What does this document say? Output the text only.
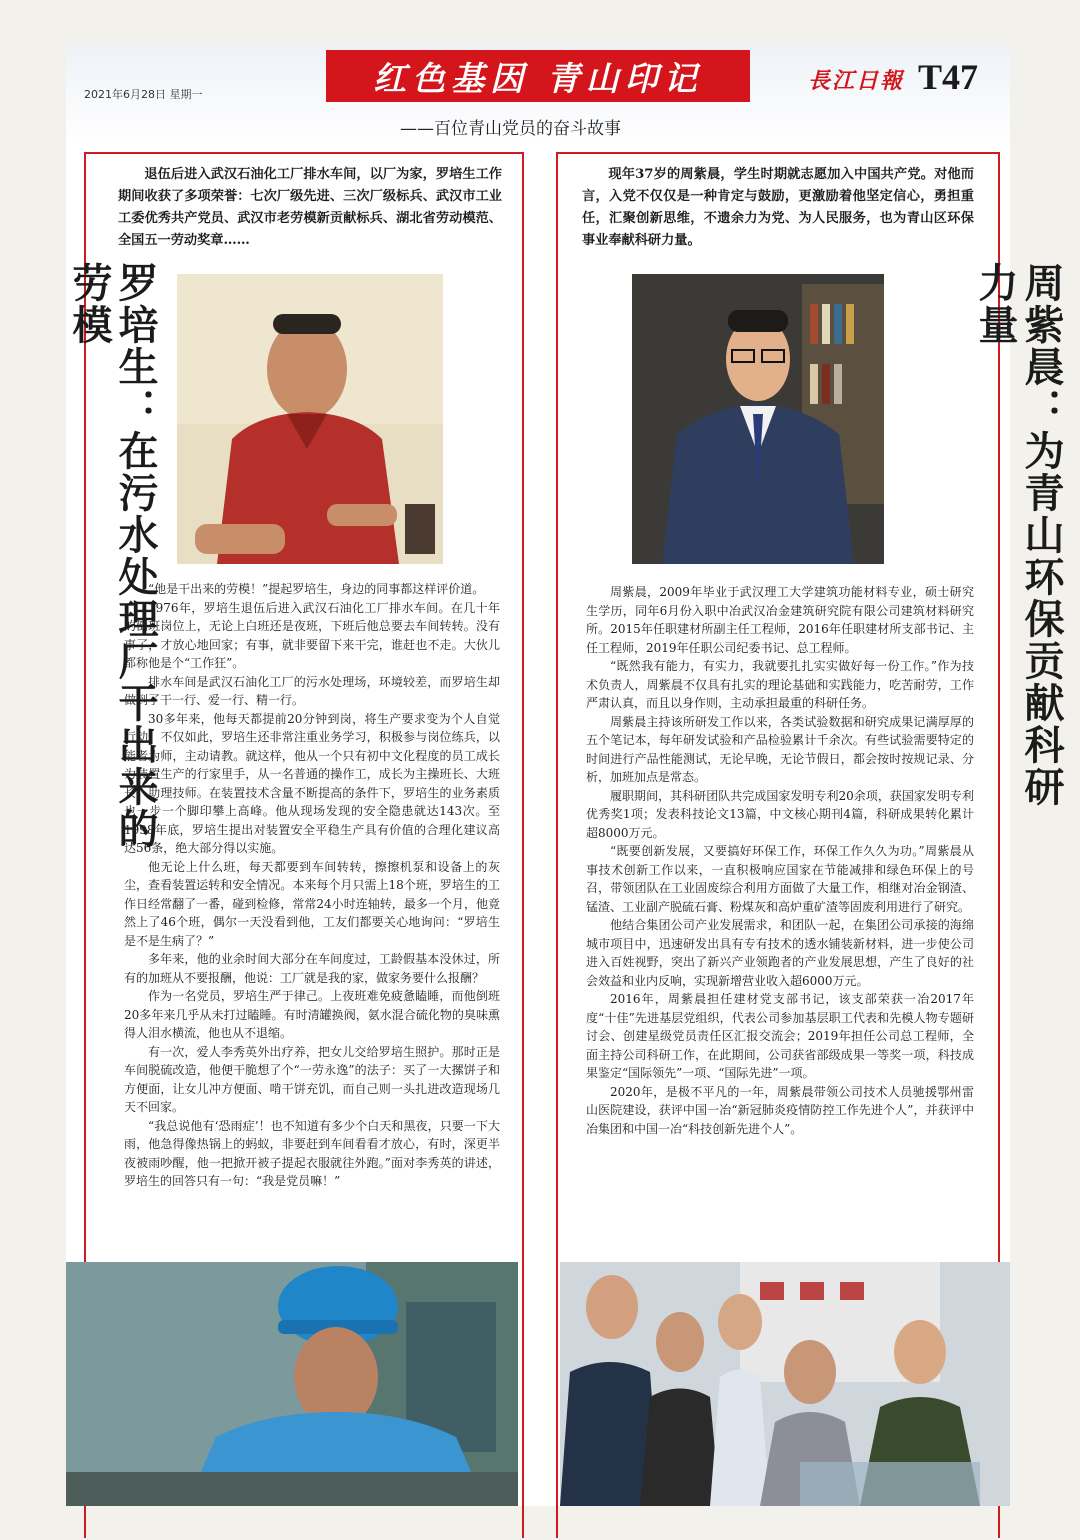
2021年6月28日 星期一	红色基因 青山印记	長江日報 T47
——百位青山党员的奋斗故事
退伍后进入武汉石油化工厂排水车间，以厂为家，罗培生工作期间收获了多项荣誉：七次厂级先进、三次厂级标兵、武汉市工业工委优秀共产党员、武汉市老劳模新贡献标兵、湖北省劳动模范、全国五一劳动奖章……
现年37岁的周紫晨，学生时期就志愿加入中国共产党。对他而言，入党不仅仅是一种肯定与鼓励，更激励着他坚定信心，勇担重任，汇聚创新思维，不遗余力为党、为人民服务，也为青山区环保事业奉献科研力量。
罗培生：在污水处理厂干出来的劳模	周紫晨：为青山环保贡献科研力量

“他是干出来的劳模！”提起罗培生，身边的同事都这样评价道。

1976年，罗培生退伍后进入武汉石油化工厂排水车间。在几十年的倒班岗位上，无论上白班还是夜班，下班后他总要去车间转转。没有事了，才放心地回家；有事，就非要留下来干完，谁赶也不走。大伙儿都称他是个“工作狂”。

排水车间是武汉石油化工厂的污水处理场，环境较差，而罗培生却做到了干一行、爱一行、精一行。

30多年来，他每天都提前20分钟到岗，将生产要求变为个人自觉行动。不仅如此，罗培生还非常注重业务学习，积极参与岗位练兵，以能者为师，主动请教。就这样，他从一个只有初中文化程度的员工成长为装置生产的行家里手，从一名普通的操作工，成长为主操班长、大班长、助理技师。在装置技术含量不断提高的条件下，罗培生的业务素质也一步一个脚印攀上高峰。他从现场发现的安全隐患就达143次。至1998年底，罗培生提出对装置安全平稳生产具有价值的合理化建议高达56条，绝大部分得以实施。

他无论上什么班，每天都要到车间转转，擦擦机泵和设备上的灰尘，查看装置运转和安全情况。本来每个月只需上18个班，罗培生的工作日经常翻了一番，碰到检修，常常24小时连轴转，最多一个月，他竟然上了46个班，偶尔一天没看到他，工友们都要关心地询问：“罗培生是不是生病了？”

多年来，他的业余时间大部分在车间度过，工龄假基本没休过，所有的加班从不要报酬，他说：工厂就是我的家，做家务要什么报酬？

作为一名党员，罗培生严于律己。上夜班难免疲惫瞌睡，而他倒班20多年来几乎从未打过瞌睡。有时清罐换阀，氨水混合硫化物的臭味熏得人泪水横流，他也从不退缩。

有一次，爱人李秀英外出疗养，把女儿交给罗培生照护。那时正是车间脱硫改造，他便干脆想了个“一劳永逸”的法子：买了一大摞饼子和方便面，让女儿冲方便面、啃干饼充饥，而自己则一头扎进改造现场几天不回家。

“我总说他有‘恐雨症’！也不知道有多少个白天和黑夜，只要一下大雨，他急得像热锅上的蚂蚁，非要赶到车间看看才放心，有时，深更半夜被雨吵醒，他一把掀开被子提起衣服就往外跑。”面对李秀英的讲述，罗培生的回答只有一句：“我是党员嘛！”

周紫晨，2009年毕业于武汉理工大学建筑功能材料专业，硕士研究生学历，同年6月份入职中冶武汉冶金建筑研究院有限公司建筑材料研究所。2015年任职建材所副主任工程师，2016年任职建材所支部书记、主任工程师，2019年任职公司纪委书记、总工程师。

“既然我有能力，有实力，我就要扎扎实实做好每一份工作。”作为技术负责人，周紫晨不仅具有扎实的理论基础和实践能力，吃苦耐劳，工作严肃认真，而且以身作则，主动承担最重的科研任务。

周紫晨主持该所研发工作以来，各类试验数据和研究成果记满厚厚的五个笔记本，每年研发试验和产品检验累计千余次。有些试验需要特定的时间进行产品性能测试，无论早晚，无论节假日，都会按时按规记录、分析，加班加点是常态。

履职期间，其科研团队共完成国家发明专利20余项，获国家发明专利优秀奖1项；发表科技论文13篇，中文核心期刊4篇，科研成果转化累计超8000万元。

“既要创新发展，又要搞好环保工作，环保工作久久为功。”周紫晨从事技术创新工作以来，一直积极响应国家在节能减排和绿色环保上的号召，带领团队在工业固废综合利用方面做了大量工作，相继对冶金钢渣、锰渣、工业副产脱硫石膏、粉煤灰和高炉重矿渣等固废利用进行了研究。

他结合集团公司产业发展需求，和团队一起，在集团公司承接的海绵城市项目中，迅速研发出具有专有技术的透水铺装新材料，进一步使公司进入百姓视野，突出了新兴产业领跑者的产业发展思想，产生了良好的社会效益和业内反响，实现新增营业收入超6000万元。

2016年，周紫晨担任建材党支部书记，该支部荣获一冶2017年度“十佳”先进基层党组织，代表公司参加基层职工代表和先模人物专题研讨会、创建星级党员责任区汇报交流会；2019年担任公司总工程师，全面主持公司科研工作，在此期间，公司获省部级成果一等奖一项，科技成果鉴定“国际领先”一项、“国际先进”一项。

2020年，是极不平凡的一年，周紫晨带领公司技术人员驰援鄂州雷山医院建设，获评中国一冶“新冠肺炎疫情防控工作先进个人”，并获评中冶集团和中国一冶“科技创新先进个人”。
